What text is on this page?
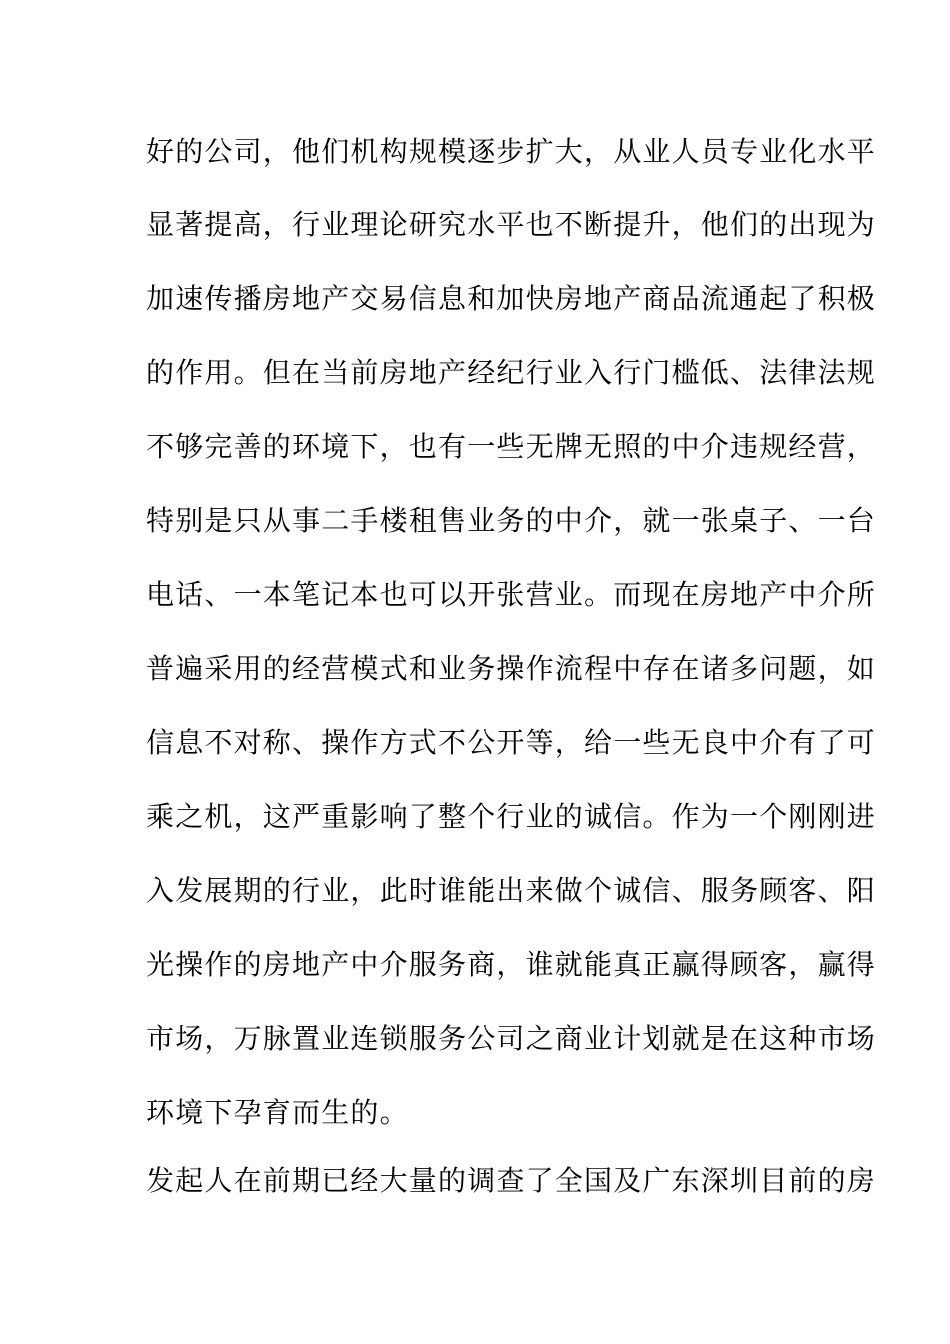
好的公司，他们机构规模逐步扩大，从业人员专业化水平
显著提高，行业理论研究水平也不断提升，他们的出现为
加速传播房地产交易信息和加快房地产商品流通起了积极
的作用。但在当前房地产经纪行业入行门槛低、法律法规
不够完善的环境下，也有一些无牌无照的中介违规经营，
特别是只从事二手楼租售业务的中介，就一张桌子、一台
电话、一本笔记本也可以开张营业。而现在房地产中介所
普遍采用的经营模式和业务操作流程中存在诸多问题，如
信息不对称、操作方式不公开等，给一些无良中介有了可
乘之机，这严重影响了整个行业的诚信。作为一个刚刚进
入发展期的行业，此时谁能出来做个诚信、服务顾客、阳
光操作的房地产中介服务商，谁就能真正赢得顾客，赢得
市场，万脉置业连锁服务公司之商业计划就是在这种市场
环境下孕育而生的。
发起人在前期已经大量的调查了全国及广东深圳目前的房
